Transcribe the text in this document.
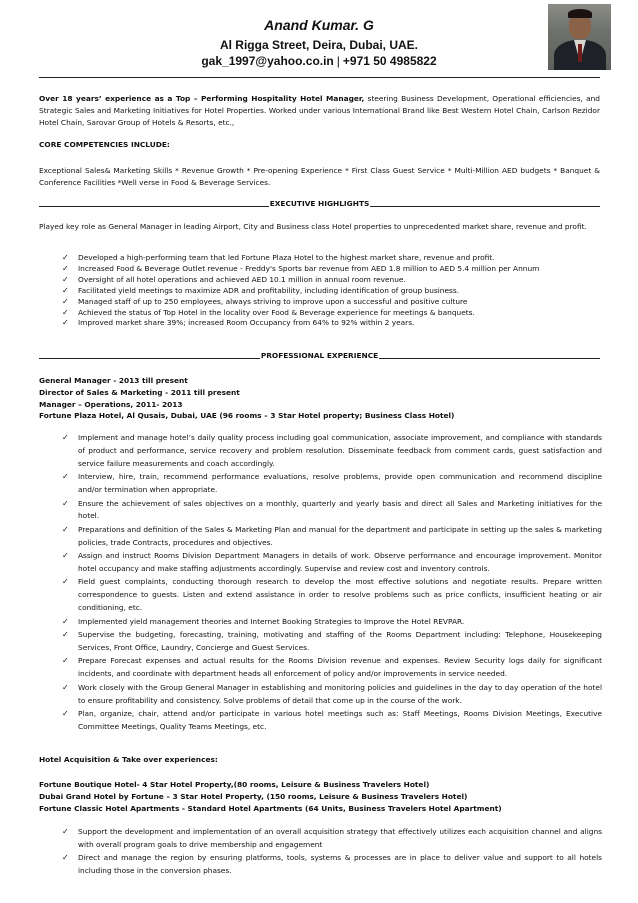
Anand Kumar. G
Al Rigga Street, Deira, Dubai, UAE.
gak_1997@yahoo.co.in | +971 50 4985822
Over 18 years’ experience as a Top – Performing Hospitality Hotel Manager, steering Business Development, Operational efficiencies, and Strategic Sales and Marketing Initiatives for Hotel Properties. Worked under various International Brand like Best Western Hotel Chain, Carlson Rezidor Hotel Chain, Sarovar Group of Hotels & Resorts, etc.,
CORE COMPETENCIES INCLUDE:
Exceptional Sales& Marketing Skills * Revenue Growth * Pre-opening Experience * First Class Guest Service * Multi-Million AED budgets * Banquet & Conference Facilities *Well verse in Food & Beverage Services.
EXECUTIVE HIGHLIGHTS
Played key role as General Manager in leading Airport, City and Business class Hotel properties to unprecedented market share, revenue and profit.
✓ Developed a high-performing team that led Fortune Plaza Hotel to the highest market share, revenue and profit.
✓ Increased Food & Beverage Outlet revenue - Freddy's Sports bar revenue from AED 1.8 million to AED 5.4 million per Annum
✓ Oversight of all hotel operations and achieved AED 10.1 million in annual room revenue.
✓ Facilitated yield meetings to maximize ADR and profitability, including identification of group business.
✓ Managed staff of up to 250 employees, always striving to improve upon a successful and positive culture
✓ Achieved the status of Top Hotel in the locality over Food & Beverage experience for meetings & banquets.
✓ Improved market share 39%; increased Room Occupancy from 64% to 92% within 2 years.
PROFESSIONAL EXPERIENCE
General Manager - 2013 till present
Director of Sales & Marketing - 2011 till present
Manager – Operations, 2011- 2013
Fortune Plaza Hotel, Al Qusais, Dubai, UAE (96 rooms – 3 Star Hotel property; Business Class Hotel)
✓ Implement and manage hotel’s daily quality process including goal communication, associate improvement, and compliance with standards of product and performance, service recovery and problem resolution. Disseminate feedback from comment cards, guest satisfaction and service failure measurements and coach accordingly.
✓ Interview, hire, train, recommend performance evaluations, resolve problems, provide open communication and recommend discipline and/or termination when appropriate.
✓ Ensure the achievement of sales objectives on a monthly, quarterly and yearly basis and direct all Sales and Marketing initiatives for the hotel.
✓ Preparations and definition of the Sales & Marketing Plan and manual for the department and participate in setting up the sales & marketing policies, trade Contracts, procedures and objectives.
✓ Assign and instruct Rooms Division Department Managers in details of work. Observe performance and encourage improvement. Monitor hotel occupancy and make staffing adjustments accordingly. Supervise and review cost and inventory controls.
✓ Field guest complaints, conducting thorough research to develop the most effective solutions and negotiate results. Prepare written correspondence to guests. Listen and extend assistance in order to resolve problems such as price conflicts, insufficient heating or air conditioning, etc.
✓ Implemented yield management theories and Internet Booking Strategies to Improve the Hotel REVPAR.
✓ Supervise the budgeting, forecasting, training, motivating and staffing of the Rooms Department including: Telephone, Housekeeping Services, Front Office, Laundry, Concierge and Guest Services.
✓ Prepare Forecast expenses and actual results for the Rooms Division revenue and expenses. Review Security logs daily for significant incidents, and coordinate with department heads all enforcement of policy and/or improvements in service needed.
✓ Work closely with the Group General Manager in establishing and monitoring policies and guidelines in the day to day operation of the hotel to ensure profitability and consistency. Solve problems of detail that come up in the course of the work.
✓ Plan, organize, chair, attend and/or participate in various hotel meetings such as: Staff Meetings, Rooms Division Meetings, Executive Committee Meetings, Quality Teams Meetings, etc.
Hotel Acquisition & Take over experiences:
Fortune Boutique Hotel- 4 Star Hotel Property,(80 rooms, Leisure & Business Travelers Hotel)
Dubai Grand Hotel by Fortune – 3 Star Hotel Property, (150 rooms, Leisure & Business Travelers Hotel)
Fortune Classic Hotel Apartments - Standard Hotel Apartments (64 Units, Business Travelers Hotel Apartment)
✓ Support the development and implementation of an overall acquisition strategy that effectively utilizes each acquisition channel and aligns with overall program goals to drive membership and engagement
✓ Direct and manage the region by ensuring platforms, tools, systems & processes are in place to deliver value and support to all hotels including those in the conversion phases.
